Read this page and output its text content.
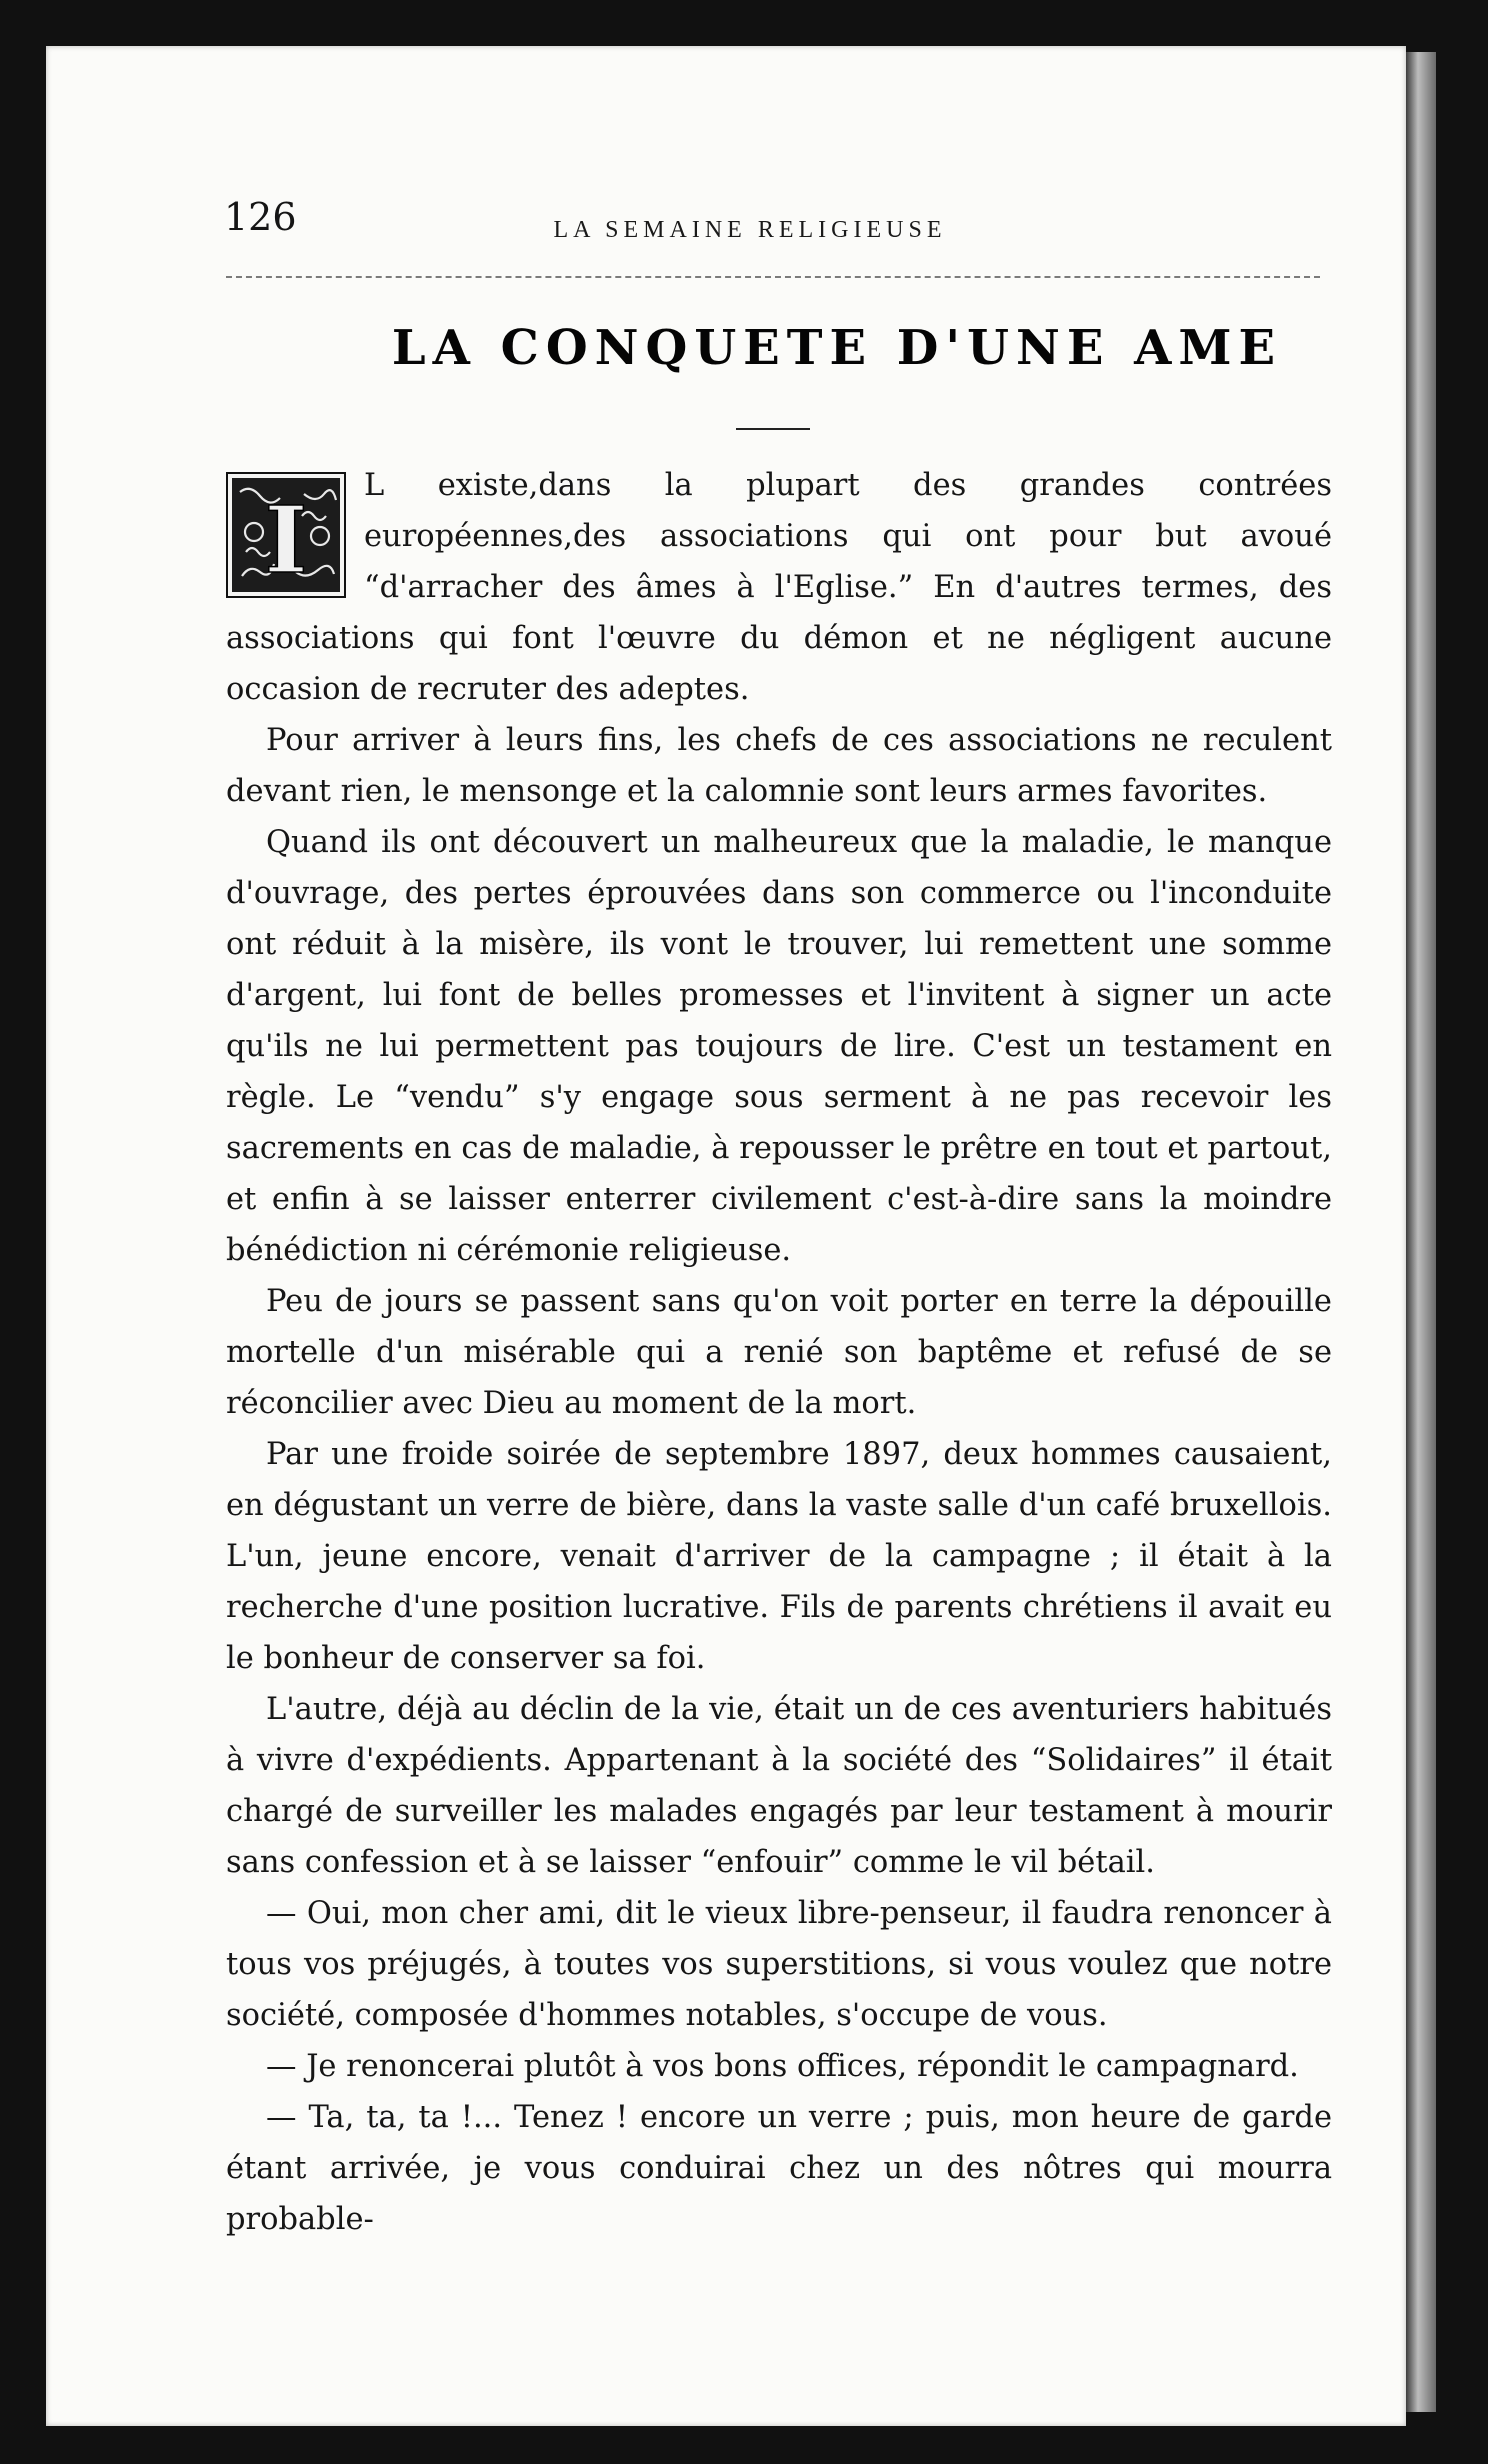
126	LA SEMAINE RELIGIEUSE
LA CONQUETE D'UNE AME

I
L existe,dans la plupart des grandes contrées européennes,des associations qui ont pour but avoué “d'arracher des âmes à l'Eglise.” En d'autres termes, des associations qui font l'œuvre du démon et ne négligent aucune occasion de recruter des adeptes.

Pour arriver à leurs fins, les chefs de ces associations ne reculent devant rien, le mensonge et la calomnie sont leurs armes favorites.

Quand ils ont découvert un malheureux que la maladie, le manque d'ouvrage, des pertes éprouvées dans son commerce ou l'inconduite ont réduit à la misère, ils vont le trouver, lui remettent une somme d'argent, lui font de belles promesses et l'invitent à signer un acte qu'ils ne lui permettent pas toujours de lire. C'est un testament en règle. Le “vendu” s'y engage sous serment à ne pas recevoir les sacrements en cas de maladie, à repousser le prêtre en tout et partout, et enfin à se laisser enterrer civilement c'est-à-dire sans la moindre bénédiction ni cérémonie religieuse.

Peu de jours se passent sans qu'on voit porter en terre la dépouille mortelle d'un misérable qui a renié son baptême et refusé de se réconcilier avec Dieu au moment de la mort.

Par une froide soirée de septembre 1897, deux hommes causaient, en dégustant un verre de bière, dans la vaste salle d'un café bruxellois. L'un, jeune encore, venait d'arriver de la campagne ; il était à la recherche d'une position lucrative. Fils de parents chrétiens il avait eu le bonheur de conserver sa foi.

L'autre, déjà au déclin de la vie, était un de ces aventuriers habitués à vivre d'expédients. Appartenant à la société des “Solidaires” il était chargé de surveiller les malades engagés par leur testament à mourir sans confession et à se laisser “enfouir” comme le vil bétail.

— Oui, mon cher ami, dit le vieux libre-penseur, il faudra renoncer à tous vos préjugés, à toutes vos superstitions, si vous voulez que notre société, composée d'hommes notables, s'occupe de vous.

— Je renoncerai plutôt à vos bons offices, répondit le campagnard.

— Ta, ta, ta !... Tenez ! encore un verre ; puis, mon heure de garde étant arrivée, je vous conduirai chez un des nôtres qui mourra probable-
